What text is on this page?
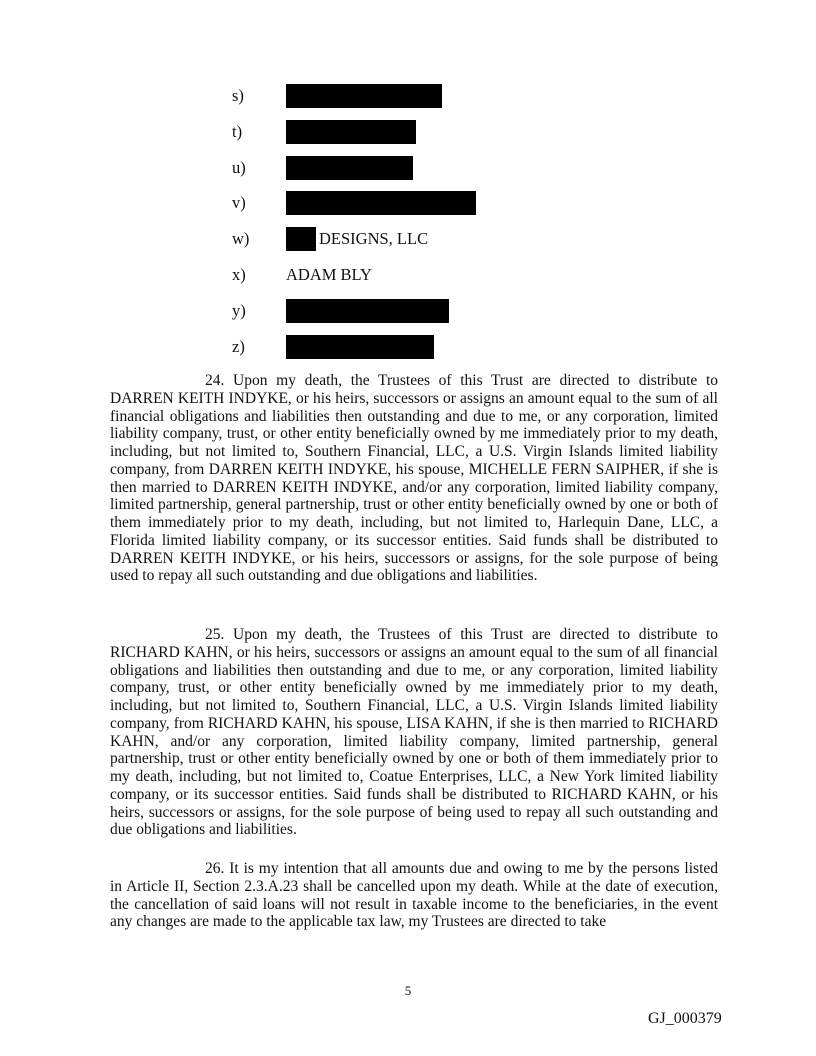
s)
t)
u)
v)
w)	DESIGNS, LLC
x) ADAM BLY
y)
z)

24. Upon my death, the Trustees of this Trust are directed to distribute to DARREN KEITH INDYKE, or his heirs, successors or assigns an amount equal to the sum of all financial obligations and liabilities then outstanding and due to me, or any corporation, limited liability company, trust, or other entity beneficially owned by me immediately prior to my death, including, but not limited to, Southern Financial, LLC, a U.S. Virgin Islands limited liability company, from DARREN KEITH INDYKE, his spouse, MICHELLE FERN SAIPHER, if she is then married to DARREN KEITH INDYKE, and/or any corporation, limited liability company, limited partnership, general partnership, trust or other entity beneficially owned by one or both of them immediately prior to my death, including, but not limited to, Harlequin Dane, LLC, a Florida limited liability company, or its successor entities. Said funds shall be distributed to DARREN KEITH INDYKE, or his heirs, successors or assigns, for the sole purpose of being used to repay all such outstanding and due obligations and liabilities.

25. Upon my death, the Trustees of this Trust are directed to distribute to RICHARD KAHN, or his heirs, successors or assigns an amount equal to the sum of all financial obligations and liabilities then outstanding and due to me, or any corporation, limited liability company, trust, or other entity beneficially owned by me immediately prior to my death, including, but not limited to, Southern Financial, LLC, a U.S. Virgin Islands limited liability company, from RICHARD KAHN, his spouse, LISA KAHN, if she is then married to RICHARD KAHN, and/or any corporation, limited liability company, limited partnership, general partnership, trust or other entity beneficially owned by one or both of them immediately prior to my death, including, but not limited to, Coatue Enterprises, LLC, a New York limited liability company, or its successor entities. Said funds shall be distributed to RICHARD KAHN, or his heirs, successors or assigns, for the sole purpose of being used to repay all such outstanding and due obligations and liabilities.

26. It is my intention that all amounts due and owing to me by the persons listed in Article II, Section 2.3.A.23 shall be cancelled upon my death. While at the date of execution, the cancellation of said loans will not result in taxable income to the beneficiaries, in the event any changes are made to the applicable tax law, my Trustees are directed to take

5
GJ_000379
